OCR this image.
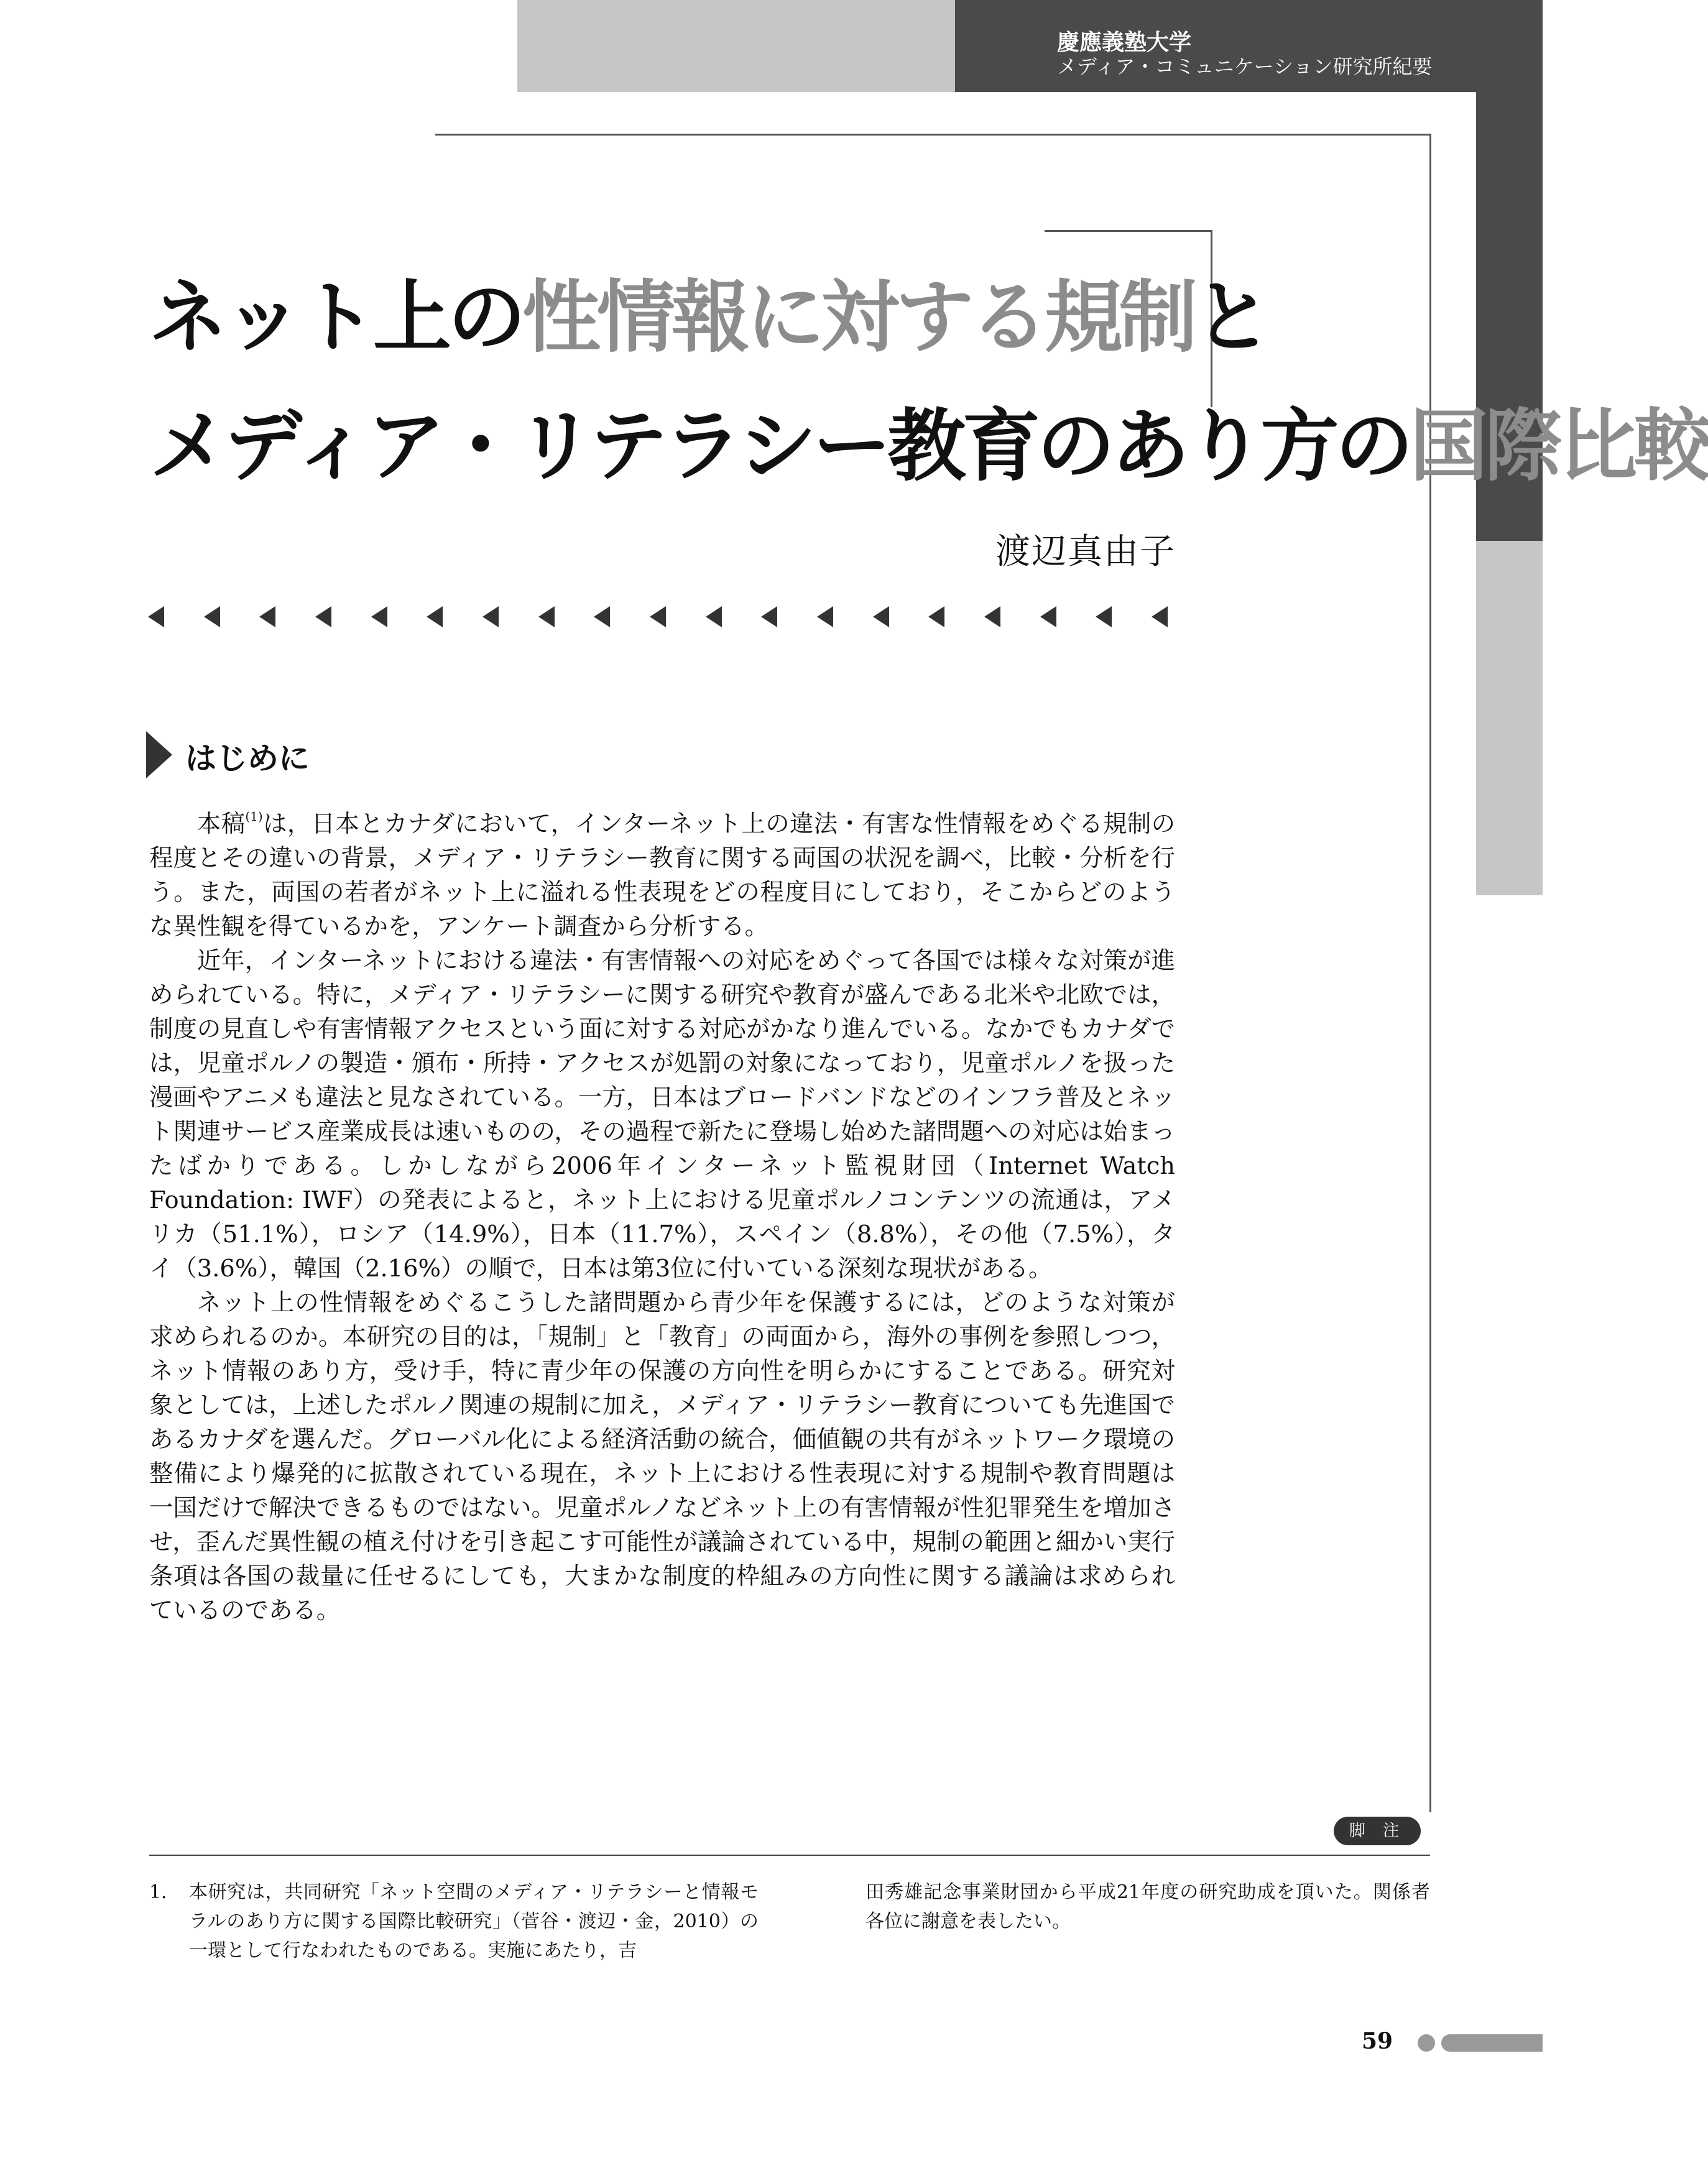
慶應義塾大学
メディア・コミュニケーション研究所紀要
ネット上の性情報に対する規制と
メディア・リテラシー教育のあり方の国際比較
渡辺真由子
はじめに

本稿$^{(1)}$は，日本とカナダにおいて，インターネット上の違法・有害な性情報をめぐる規制の程度とその違いの背景，メディア・リテラシー教育に関する両国の状況を調べ，比較・分析を行う。また，両国の若者がネット上に溢れる性表現をどの程度目にしており，そこからどのような異性観を得ているかを，アンケート調査から分析する。

近年，インターネットにおける違法・有害情報への対応をめぐって各国では様々な対策が進められている。特に，メディア・リテラシーに関する研究や教育が盛んである北米や北欧では，制度の見直しや有害情報アクセスという面に対する対応がかなり進んでいる。なかでもカナダでは，児童ポルノの製造・頒布・所持・アクセスが処罰の対象になっており，児童ポルノを扱った漫画やアニメも違法と見なされている。一方，日本はブロードバンドなどのインフラ普及とネット関連サービス産業成長は速いものの，その過程で新たに登場し始めた諸問題への対応は始まったばかりである。しかしながら2006年インターネット監視財団（Internet Watch Foundation: IWF）の発表によると，ネット上における児童ポルノコンテンツの流通は，アメリカ（51.1%），ロシア（14.9%），日本（11.7%），スペイン（8.8%），その他（7.5%），タイ（3.6%），韓国（2.16%）の順で，日本は第3位に付いている深刻な現状がある。

ネット上の性情報をめぐるこうした諸問題から青少年を保護するには，どのような対策が求められるのか。本研究の目的は，「規制」と「教育」の両面から，海外の事例を参照しつつ，ネット情報のあり方，受け手，特に青少年の保護の方向性を明らかにすることである。研究対象としては，上述したポルノ関連の規制に加え，メディア・リテラシー教育についても先進国であるカナダを選んだ。グローバル化による経済活動の統合，価値観の共有がネットワーク環境の整備により爆発的に拡散されている現在，ネット上における性表現に対する規制や教育問題は一国だけで解決できるものではない。児童ポルノなどネット上の有害情報が性犯罪発生を増加させ，歪んだ異性観の植え付けを引き起こす可能性が議論されている中，規制の範囲と細かい実行条項は各国の裁量に任せるにしても，大まかな制度的枠組みの方向性に関する議論は求められているのである。

脚 注
1． 本研究は，共同研究「ネット空間のメディア・リテラシーと情報モラルのあり方に関する国際比較研究」（菅谷・渡辺・金，2010）の一環として行なわれたものである。実施にあたり，吉
田秀雄記念事業財団から平成21年度の研究助成を頂いた。関係者各位に謝意を表したい。
59
